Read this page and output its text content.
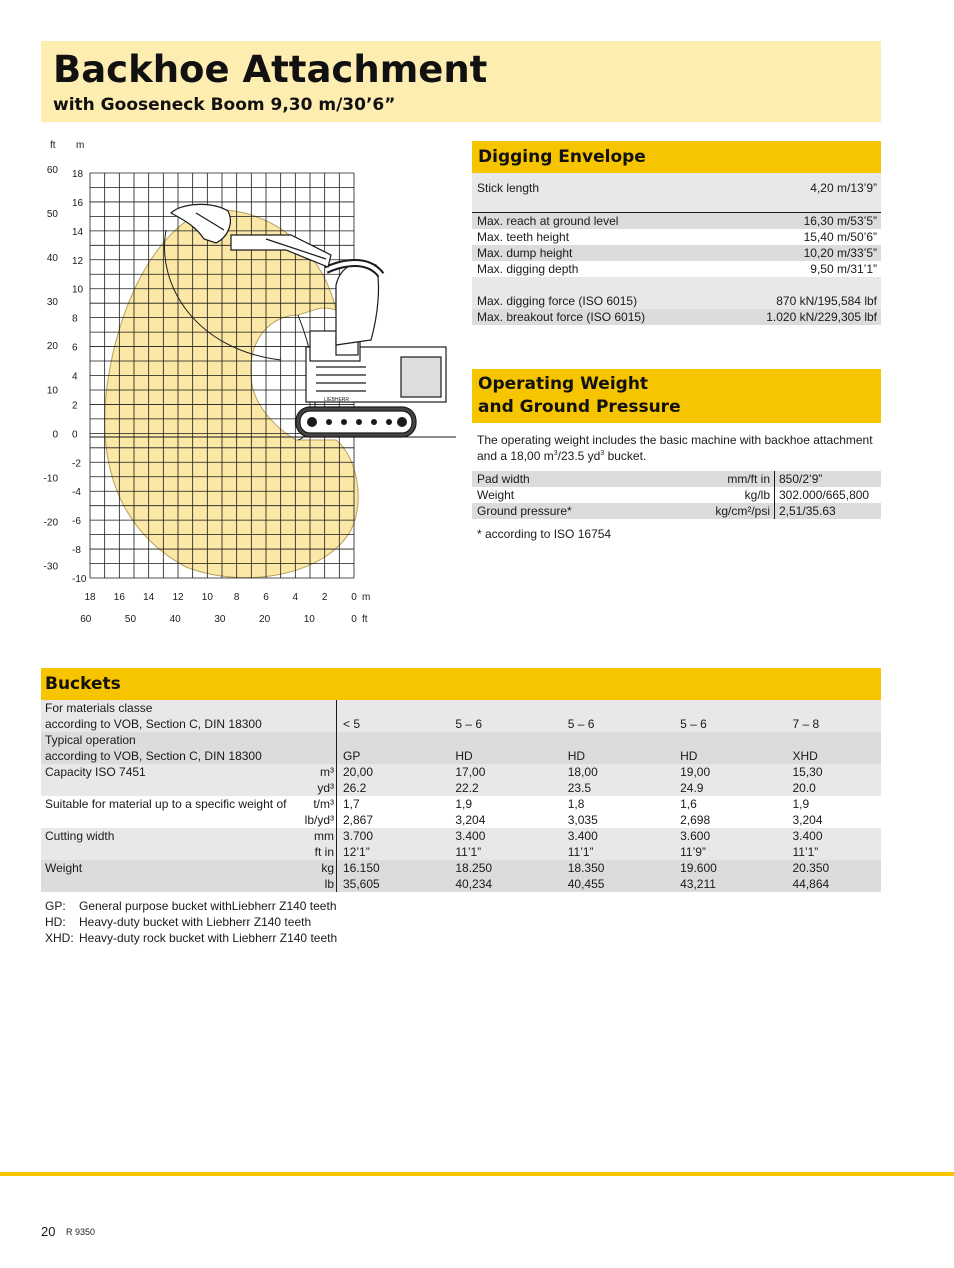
Backhoe Attachment
with Gooseneck Boom 9,30 m/30’6”
ft m
LIEBHERR
60
50
40
30
20
10
0
-10
-20
-30
18
16
14
12
10
8
6
4
2
0
-2
-4
-6
-8
-10
18 16 14 12 10 8 6 4 2 0
60	50	40	30	20	10	0
m
ft
Digging Envelope
Stick length	4,20 m/13’9”
Max. reach at ground level	16,30 m/53’5”
Max. teeth height	15,40 m/50’6”
Max. dump height	10,20 m/33’5”
Max. digging depth	9,50 m/31’1”
Max. digging force (ISO 6015)	870 kN/195,584 lbf
Max. breakout force (ISO 6015)	1.020 kN/229,305 lbf
Operating Weight
and Ground Pressure
The operating weight includes the basic machine with backhoe attachment and a 18,00 $m^3/23.5$ $yd^3$ bucket.
Pad width	mm/ft in 850/2’9”
Weight	kg/lb 302.000/665,800
Ground pressure*	kg/cm²/psi 2,51/35.63
* according to ISO 16754
Buckets
For materials classe
according to VOB, Section C, DIN 18300	< 5	5 – 6	5 – 6	5 – 6	7 – 8
Typical operation
according to VOB, Section C, DIN 18300	GP	HD	HD	HD	XHD
Capacity ISO 7451	m³ 20,00	17,00	18,00	19,00	15,30
yd³ 26.2	22.2	23.5	24.9	20.0
Suitable for material up to a specific weight of t/m³ 1,7	1,9	1,8	1,6	1,9
lb/yd³ 2,867	3,204	3,035	2,698	3,204
Cutting width	mm 3.700	3.400	3.400	3.600	3.400
ft in 12’1”	11’1”	11’1”	11’9”	11’1”
Weight	kg 16.150	18.250	18.350	19.600	20.350
lb 35,605	40,234	40,455	43,211	44,864
GP: General purpose bucket withLiebherr Z140 teeth
HD: Heavy-duty bucket with Liebherr Z140 teeth
XHD: Heavy-duty rock bucket with Liebherr Z140 teeth
20 R 9350
